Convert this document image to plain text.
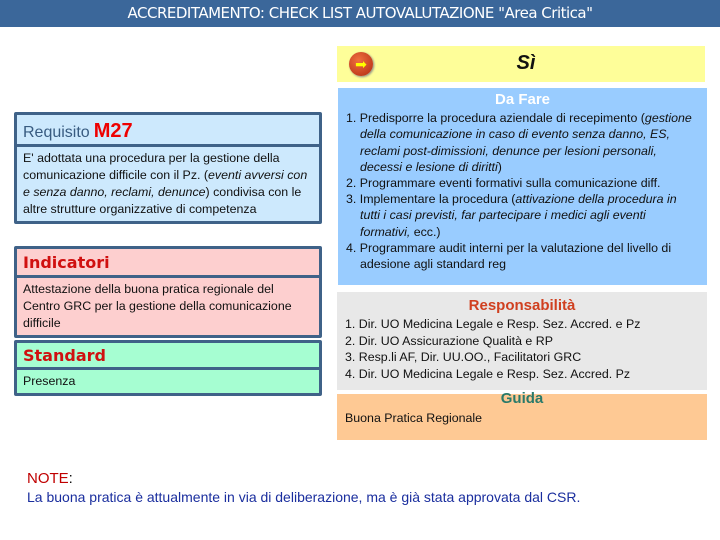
ACCREDITAMENTO: CHECK LIST AUTOVALUTAZIONE "Area Critica"
➡	Sì
Requisito M27
E' adottata una procedura per la gestione della comunicazione difficile con il Pz. (eventi avversi con e senza danno, reclami, denunce) condivisa con le altre strutture organizzative di competenza
Indicatori
Attestazione della buona pratica regionale del Centro GRC per la gestione della comunicazione difficile
Standard
Presenza
Da Fare
1. Predisporre la procedura aziendale di recepimento (gestione della comunicazione in caso di evento senza danno, ES, reclami post-dimissioni, denunce per lesioni personali, decessi e lesione di diritti)
2. Programmare eventi formativi sulla comunicazione diff.
3. Implementare la procedura (attivazione della procedura in tutti i casi previsti, far partecipare i medici agli eventi formativi, ecc.)
4. Programmare audit interni per la valutazione del livello di adesione agli standard reg
Responsabilità
1. Dir. UO Medicina Legale e Resp. Sez. Accred. e Pz
2. Dir. UO Assicurazione Qualità e RP
3. Resp.li AF, Dir. UU.OO., Facilitatori GRC
4. Dir. UO Medicina Legale e Resp. Sez. Accred. Pz
Guida
Buona Pratica Regionale
NOTE:
La buona pratica è attualmente in via di deliberazione, ma è già stata approvata dal CSR.
